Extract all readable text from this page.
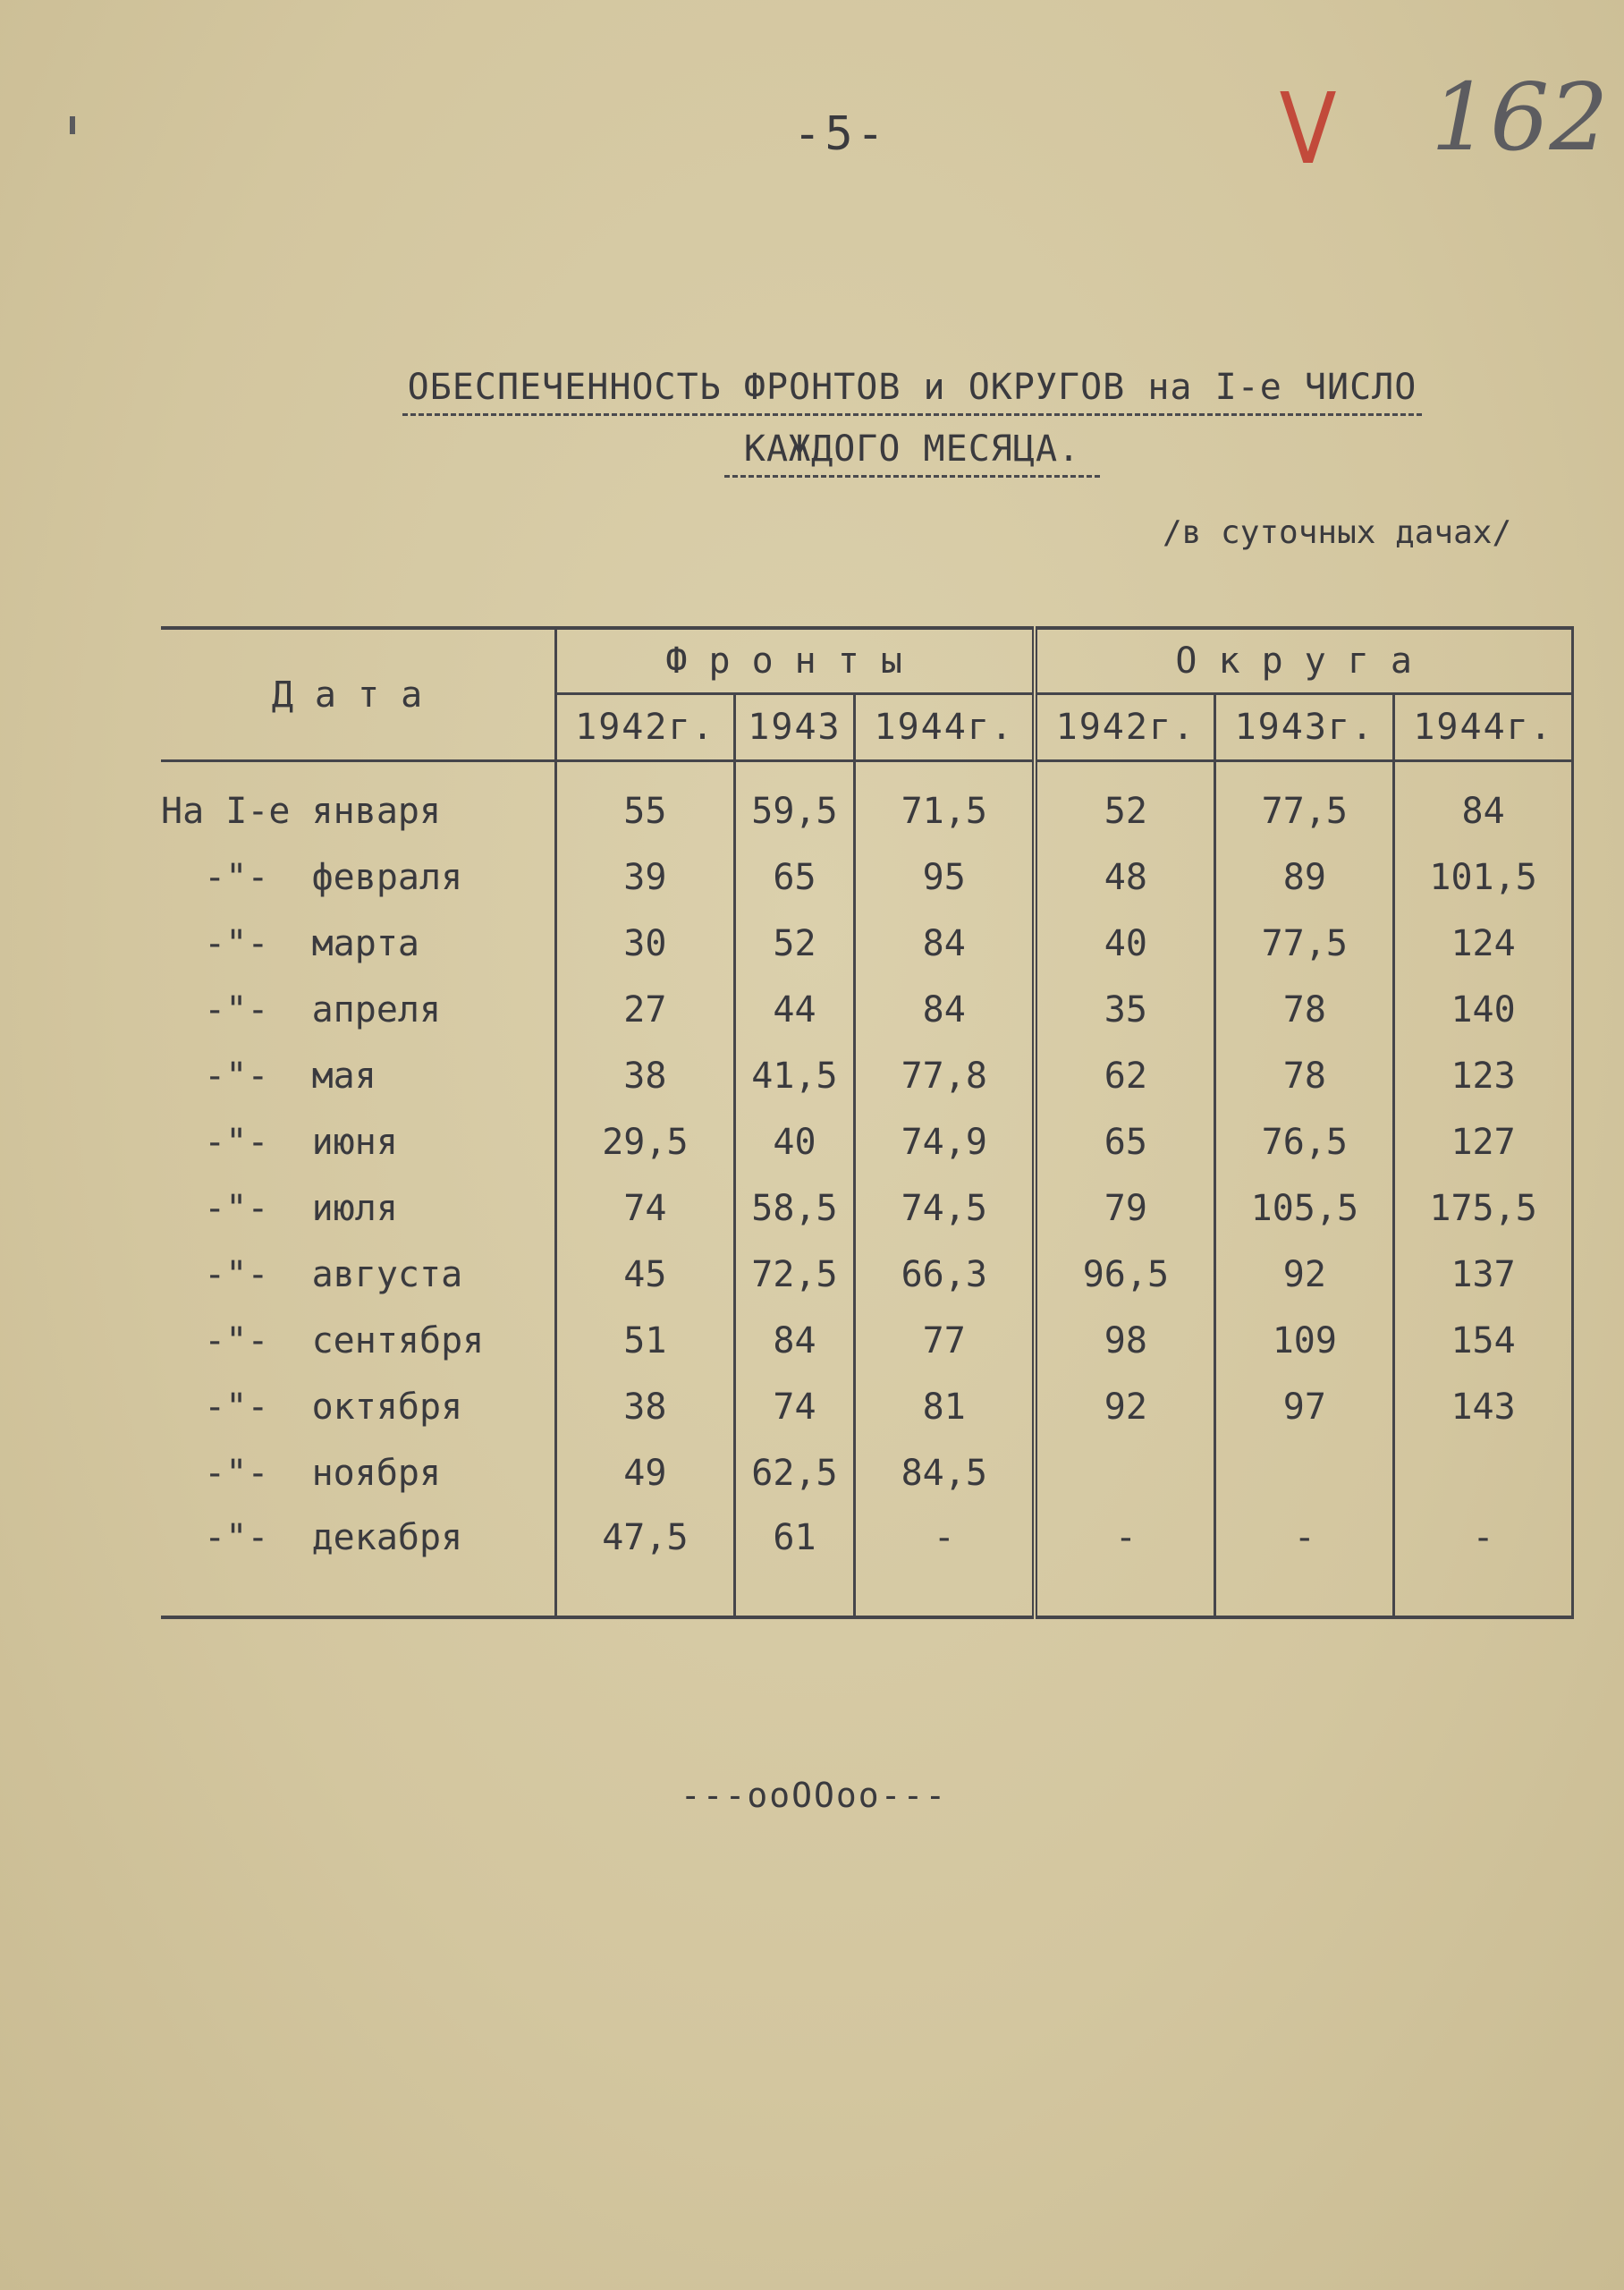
-5-	V 162
ОБЕСПЕЧЕННОСТЬ ФРОНТОВ и ОКРУГОВ на I-е ЧИСЛО
КАЖДОГО МЕСЯЦА.
/в суточных дачах/
Дата	Фронты			Округа		
	1942г.	1943	1944г.	1942г.	1943г.	1944г.
На I-е января	55	59,5	71,5	52	77,5	84
-"-  февраля	39	65	95	48	89	101,5
-"-  марта	30	52	84	40	77,5	124
-"-  апреля	27	44	84	35	78	140
-"-  мая	38	41,5	77,8	62	78	123
-"-  июня	29,5	40	74,9	65	76,5	127
-"-  июля	74	58,5	74,5	79	105,5	175,5
-"-  августа	45	72,5	66,3	96,5	92	137
-"-  сентября	51	84	77	98	109	154
-"-  октября	38	74	81	92	97	143
-"-  ноября	49	62,5	84,5			
-"-  декабря	47,5	61	-	-	-	-
---ooOOoo---
